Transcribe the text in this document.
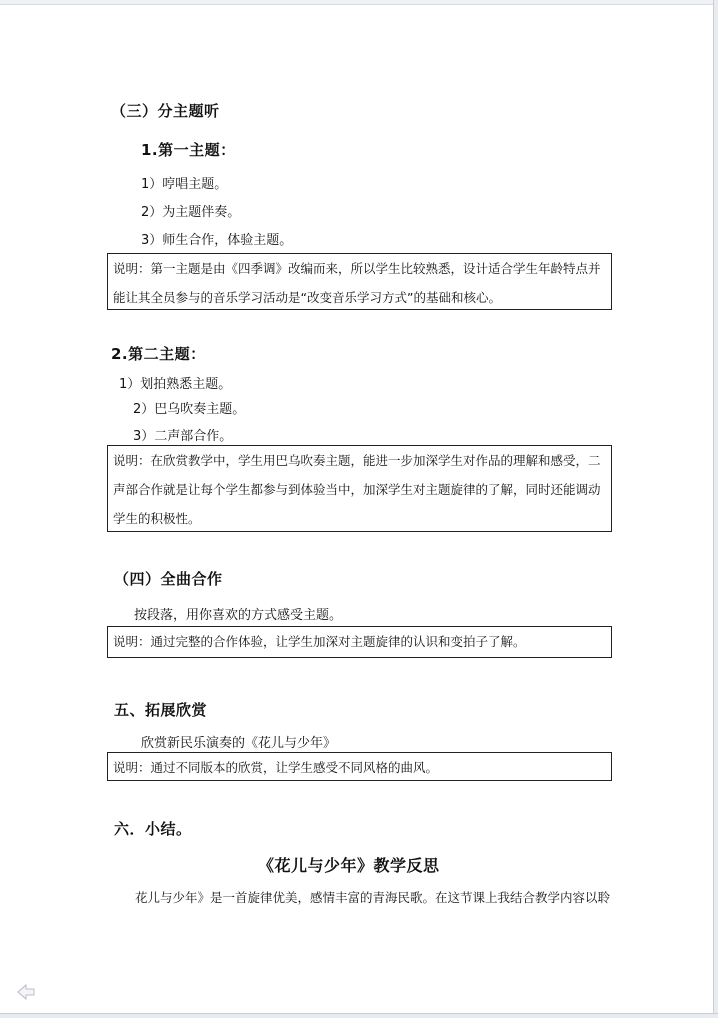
（三）分主题听
1.第一主题：
1）哼唱主题。
2）为主题伴奏。
3）师生合作，体验主题。
说明：第一主题是由《四季调》改编而来，所以学生比较熟悉，设计适合学生年龄特点并能让其全员参与的音乐学习活动是“改变音乐学习方式”的基础和核心。
2.第二主题：
1）划拍熟悉主题。
2）巴乌吹奏主题。
3）二声部合作。
说明：在欣赏教学中，学生用巴乌吹奏主题，能进一步加深学生对作品的理解和感受，二声部合作就是让每个学生都参与到体验当中，加深学生对主题旋律的了解，同时还能调动学生的积极性。
（四）全曲合作
按段落，用你喜欢的方式感受主题。
说明：通过完整的合作体验，让学生加深对主题旋律的认识和变拍子了解。
五、拓展欣赏
欣赏新民乐演奏的《花儿与少年》
说明：通过不同版本的欣赏，让学生感受不同风格的曲风。
六．小结。
《花儿与少年》教学反思
花儿与少年》是一首旋律优美，感情丰富的青海民歌。在这节课上我结合教学内容以聆
